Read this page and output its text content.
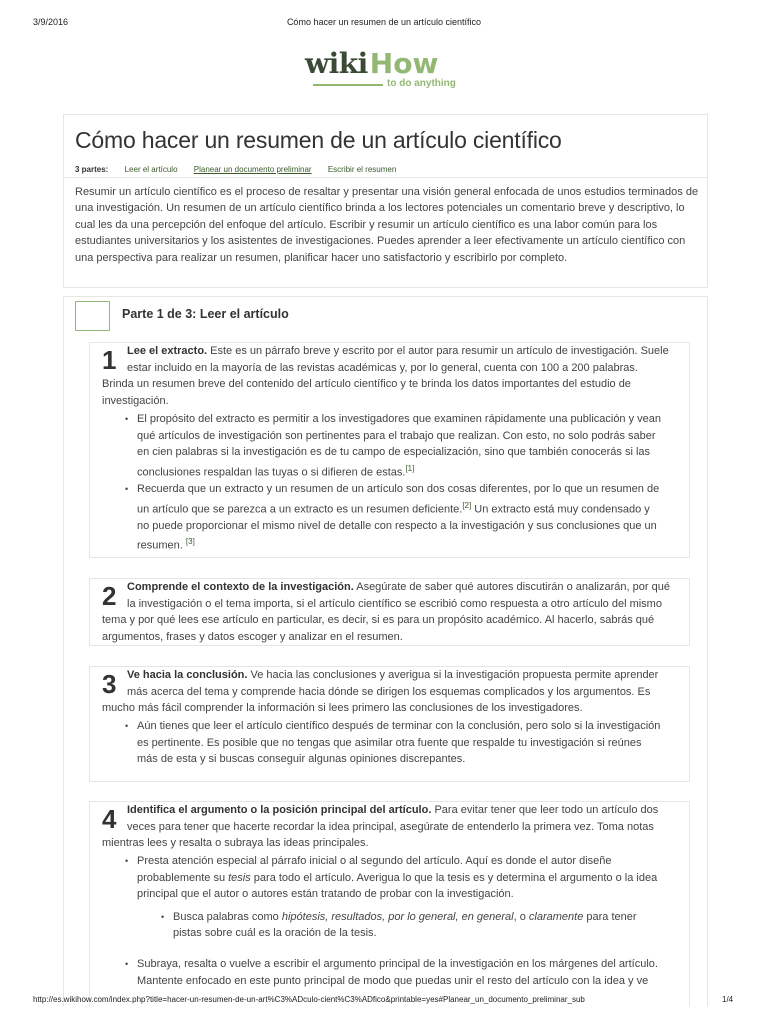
3/9/2016	Cómo hacer un resumen de un artículo científico
wikiHow
to do anything
Cómo hacer un resumen de un artículo científico
3 partes: Leer el artículo Planear un documento preliminar Escribir el resumen

Resumir un artículo científico es el proceso de resaltar y presentar una visión general enfocada de unos estudios terminados de una investigación. Un resumen de un artículo científico brinda a los lectores potenciales un comentario breve y descriptivo, lo cual les da una percepción del enfoque del artículo. Escribir y resumir un artículo científico es una labor común para los estudiantes universitarios y los asistentes de investigaciones. Puedes aprender a leer efectivamente un artículo científico con una perspectiva para realizar un resumen, planificar hacer uno satisfactorio y escribirlo por completo.

Parte 1 de 3: Leer el artículo
1 Lee el extracto. Este es un párrafo breve y escrito por el autor para resumir un artículo de investigación. Suele
estar incluido en la mayoría de las revistas académicas y, por lo general, cuenta con 100 a 200 palabras.
Brinda un resumen breve del contenido del artículo científico y te brinda los datos importantes del estudio de investigación.
• El propósito del extracto es permitir a los investigadores que examinen rápidamente una publicación y vean qué artículos de investigación son pertinentes para el trabajo que realizan. Con esto, no solo podrás saber en cien palabras si la investigación es de tu campo de especialización, sino que también conocerás si las conclusiones respaldan las tuyas o si difieren de estas.[1]
• Recuerda que un extracto y un resumen de un artículo son dos cosas diferentes, por lo que un resumen de un artículo que se parezca a un extracto es un resumen deficiente.[2] Un extracto está muy condensado y no puede proporcionar el mismo nivel de detalle con respecto a la investigación y sus conclusiones que un resumen. [3]
2 Comprende el contexto de la investigación. Asegúrate de saber qué autores discutirán o analizarán, por qué
la investigación o el tema importa, si el artículo científico se escribió como respuesta a otro artículo del mismo
tema y por qué lees ese artículo en particular, es decir, si es para un propósito académico. Al hacerlo, sabrás qué argumentos, frases y datos escoger y analizar en el resumen.
3 Ve hacia la conclusión. Ve hacia las conclusiones y averigua si la investigación propuesta permite aprender
más acerca del tema y comprende hacia dónde se dirigen los esquemas complicados y los argumentos. Es
mucho más fácil comprender la información si lees primero las conclusiones de los investigadores.
• Aún tienes que leer el artículo científico después de terminar con la conclusión, pero solo si la investigación es pertinente. Es posible que no tengas que asimilar otra fuente que respalde tu investigación si reúnes más de esta y si buscas conseguir algunas opiniones discrepantes.
4 Identifica el argumento o la posición principal del artículo. Para evitar tener que leer todo un artículo dos
veces para tener que hacerte recordar la idea principal, asegúrate de entenderlo la primera vez. Toma notas
mientras lees y resalta o subraya las ideas principales.
• Presta atención especial al párrafo inicial o al segundo del artículo. Aquí es donde el autor diseñe probablemente su tesis para todo el artículo. Averigua lo que la tesis es y determina el argumento o la idea principal que el autor o autores están tratando de probar con la investigación.
• Busca palabras como hipótesis, resultados, por lo general, en general, o claramente para tener pistas sobre cuál es la oración de la tesis.
• Subraya, resalta o vuelve a escribir el argumento principal de la investigación en los márgenes del artículo. Mantente enfocado en este punto principal de modo que puedas unir el resto del artículo con la idea y ve
http://es.wikihow.com/index.php?title=hacer-un-resumen-de-un-art%C3%ADculo-cient%C3%ADfico&printable=yes#Planear_un_documento_preliminar_sub	1/4
